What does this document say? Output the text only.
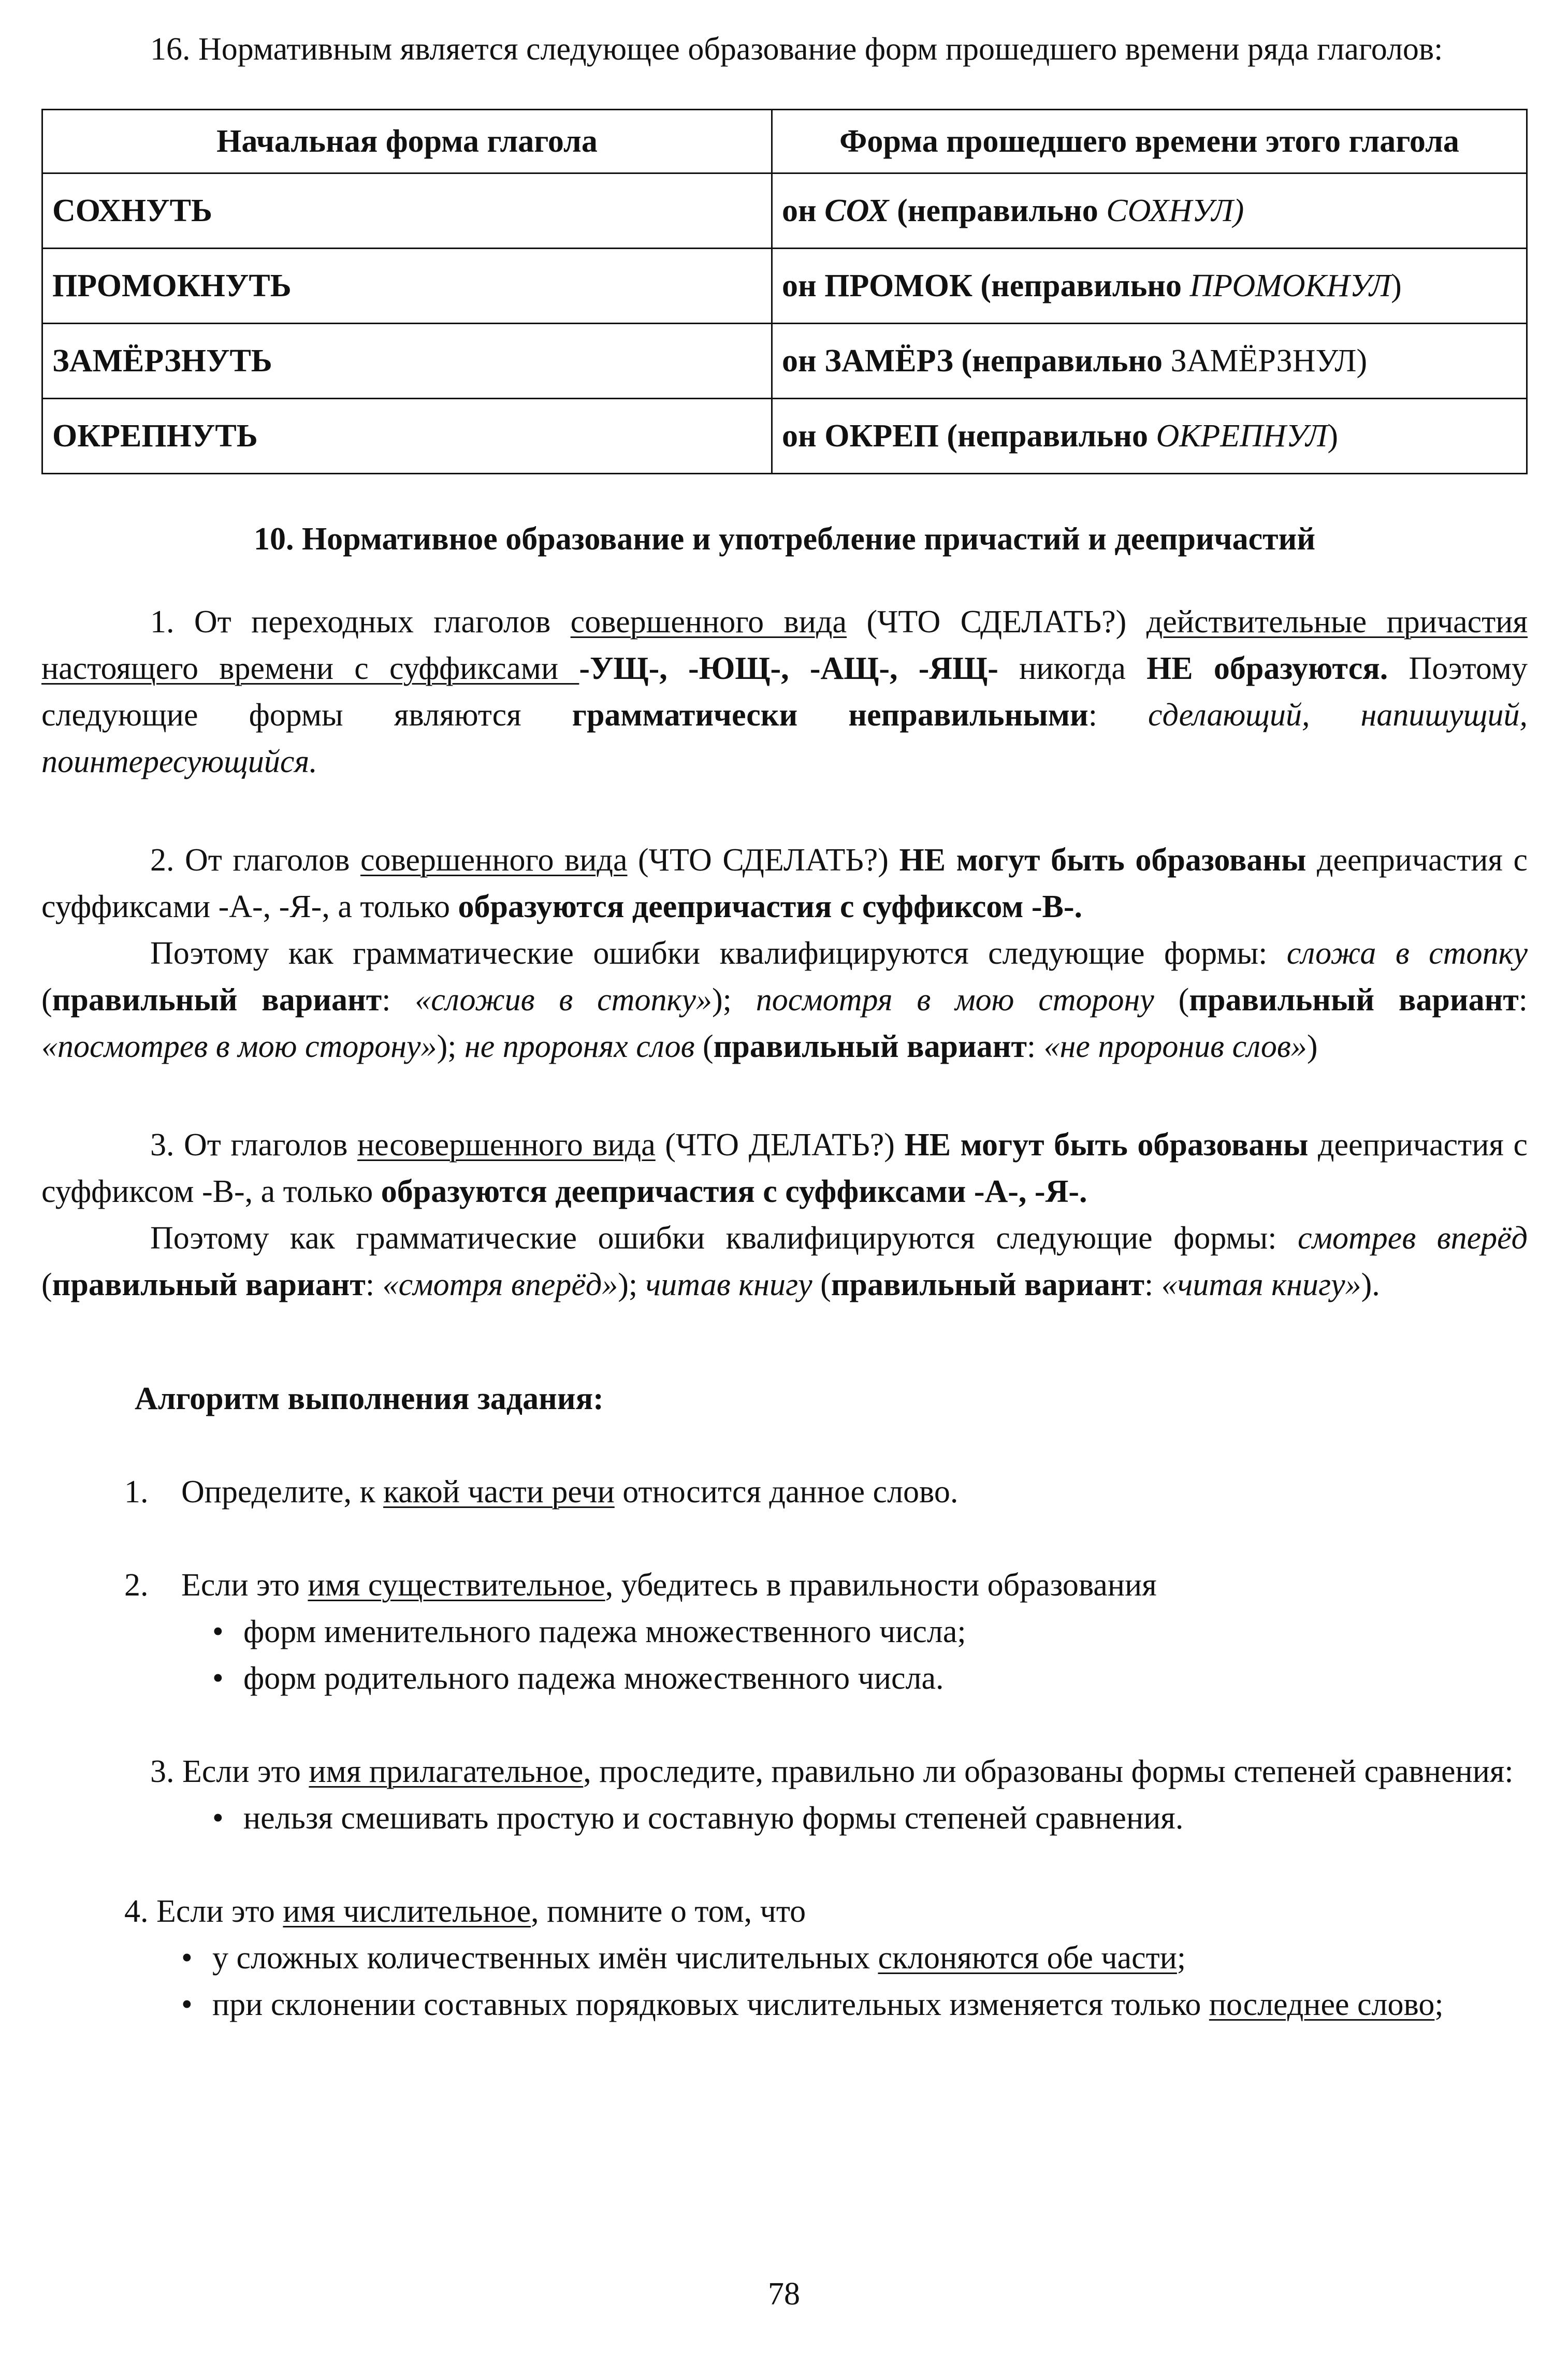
16. Нормативным является следующее образование форм прошедшего времени ряда глаголов:

Начальная форма глагола	Форма прошедшего времени этого глагола
СОХНУТЬ	он СОХ (неправильно СОХНУЛ)
ПРОМОКНУТЬ	он ПРОМОК (неправильно ПРОМОКНУЛ)
ЗАМЁРЗНУТЬ	он ЗАМЁРЗ (неправильно ЗАМЁРЗНУЛ)
ОКРЕПНУТЬ	он ОКРЕП (неправильно ОКРЕПНУЛ)

10. Нормативное образование и употребление причастий и деепричастий

1. От переходных глаголов совершенного вида (ЧТО СДЕЛАТЬ?) действительные причастия настоящего времени с суффиксами -УЩ-, -ЮЩ-, -АЩ-, -ЯЩ- никогда НЕ образуются. Поэтому следующие формы являются грамматически неправильными: сделающий, напишущий, поинтересующийся.

2. От глаголов совершенного вида (ЧТО СДЕЛАТЬ?) НЕ могут быть образованы деепричастия с суффиксами -А-, -Я-, а только образуются деепричастия с суффиксом -В-.

Поэтому как грамматические ошибки квалифицируются следующие формы: сложа в стопку (правильный вариант: «сложив в стопку»); посмотря в мою сторону (правильный вариант: «посмотрев в мою сторону»); не проронях слов (правильный вариант: «не проронив слов»)

3. От глаголов несовершенного вида (ЧТО ДЕЛАТЬ?) НЕ могут быть образованы деепричастия с суффиксом -В-, а только образуются деепричастия с суффиксами -А-, -Я-.

Поэтому как грамматические ошибки квалифицируются следующие формы: смотрев вперёд (правильный вариант: «смотря вперёд»); читав книгу (правильный вариант: «читая книгу»).

Алгоритм выполнения задания:

1. Определите, к какой части речи относится данное слово.

2. Если это имя существительное, убедитесь в правильности образования

• форм именительного падежа множественного числа;

• форм родительного падежа множественного числа.

3. Если это имя прилагательное, проследите, правильно ли образованы формы степеней сравнения:

• нельзя смешивать простую и составную формы степеней сравнения.

4. Если это имя числительное, помните о том, что

• у сложных количественных имён числительных склоняются обе части;

• при склонении составных порядковых числительных изменяется только последнее слово;

78
